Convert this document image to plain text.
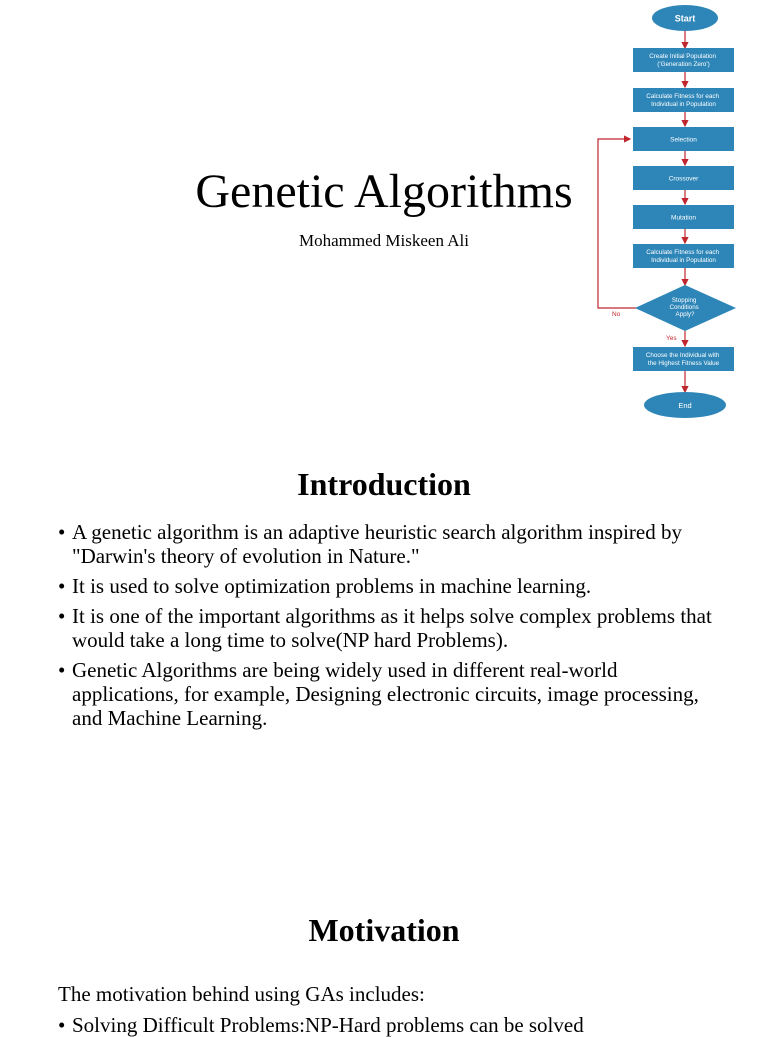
Genetic Algorithms
Mohammed Miskeen Ali
Start
Create Initial Population ('Generation Zero')
Calculate Fitness for each Individual in Population
Selection
Crossover
Mutation
Calculate Fitness for each Individual in Population
Stopping Conditions Apply?
No
Yes
Choose the Individual with the Highest Fitness Value
End
Introduction
• A genetic algorithm is an adaptive heuristic search algorithm inspired by "Darwin's theory of evolution in Nature."
• It is used to solve optimization problems in machine learning.
• It is one of the important algorithms as it helps solve complex problems that would take a long time to solve(NP hard Problems).
• Genetic Algorithms are being widely used in different real-world applications, for example, Designing electronic circuits, image processing, and Machine Learning.
Motivation

The motivation behind using GAs includes:

• Solving Difficult Problems:NP-Hard problems can be solved
